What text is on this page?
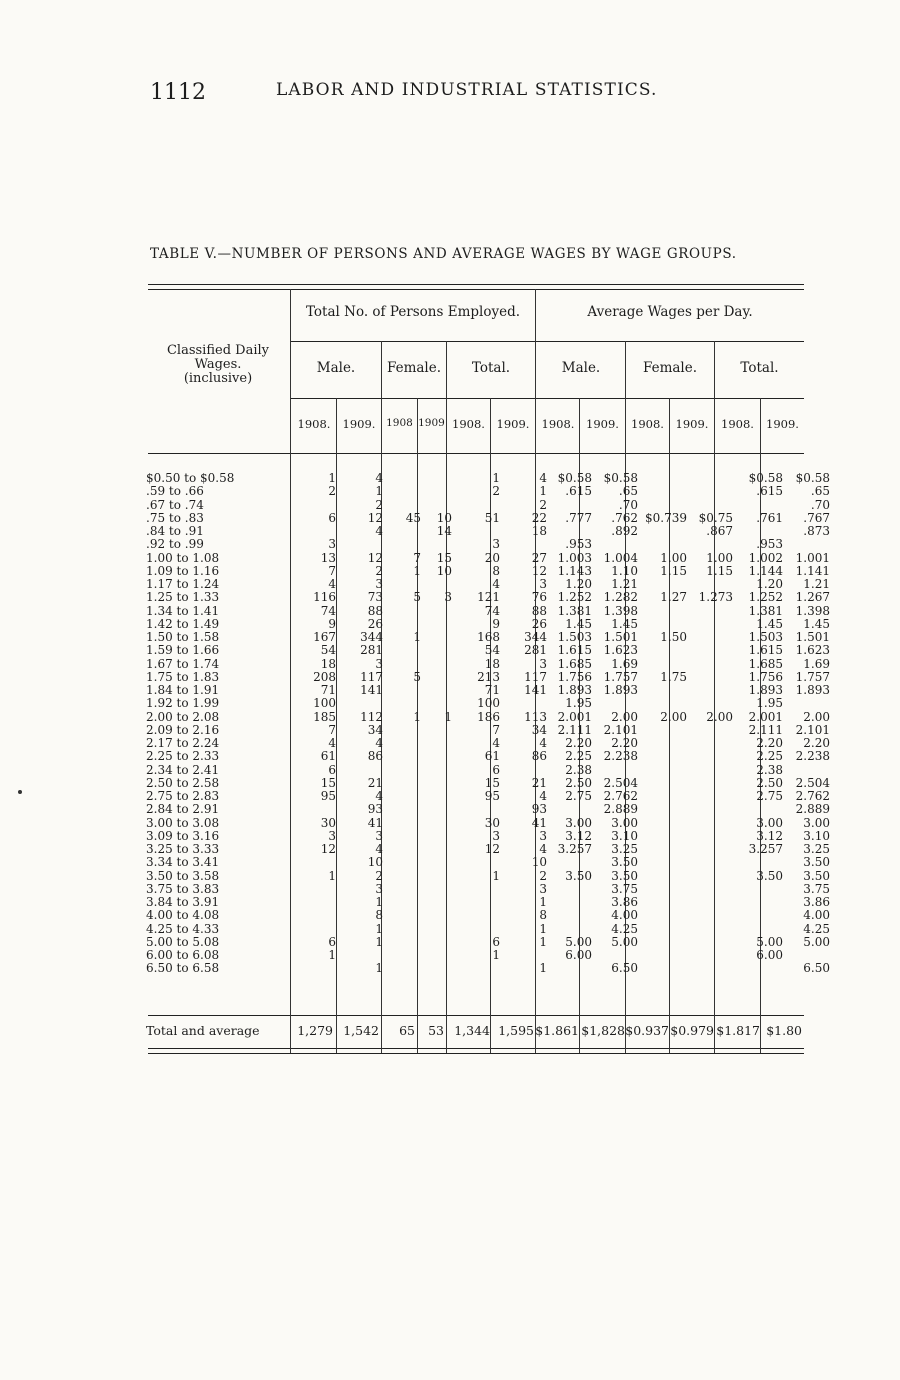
1112	LABOR AND INDUSTRIAL STATISTICS.
TABLE V.—NUMBER OF PERSONS AND AVERAGE WAGES BY WAGE GROUPS.
Classified Daily Wages. (inclusive)
Total No. of Persons Employed.	Average Wages per Day.
Male.	Female.	Total.	Male.	Female.	Total.
1908.	1909.	1908 1909 1908.	1909.	1908.	1909.	1908.	1909.	1908.	1909.
$0.50 to $0.58	1	4			1	4	$0.58	$0.58			$0.58	$0.58
.59 to .66	2	1			2	1	.615	.65			.615	.65
.67 to .74		2				2		.70				.70
.75 to .83	6	12	45	10	51	22	.777	.762	$0.739	$0.75	.761	.767
.84 to .91		4		14		18		.892		.867		.873
.92 to .99	3				3		.953				.953	
1.00 to 1.08	13	12	7	15	20	27	1.003	1.004	1.00	1.00	1.002	1.001
1.09 to 1.16	7	2	1	10	8	12	1.143	1.10	1.15	1.15	1.144	1.141
1.17 to 1.24	4	3			4	3	1.20	1.21			1.20	1.21
1.25 to 1.33	116	73	5	3	121	76	1.252	1.282	1.27	1.273	1.252	1.267
1.34 to 1.41	74	88			74	88	1.381	1.398			1.381	1.398
1.42 to 1.49	9	26			9	26	1.45	1.45			1.45	1.45
1.50 to 1.58	167	344	1		168	344	1.503	1.501	1.50		1.503	1.501
1.59 to 1.66	54	281			54	281	1.615	1.623			1.615	1.623
1.67 to 1.74	18	3			18	3	1.685	1.69			1.685	1.69
1.75 to 1.83	208	117	5		213	117	1.756	1.757	1.75		1.756	1.757
1.84 to 1.91	71	141			71	141	1.893	1.893			1.893	1.893
1.92 to 1.99	100				100		1.95				1.95	
2.00 to 2.08	185	112	1	1	186	113	2.001	2.00	2.00	2.00	2.001	2.00
2.09 to 2.16	7	34			7	34	2.111	2.101			2.111	2.101
2.17 to 2.24	4	4			4	4	2.20	2.20			2.20	2.20
2.25 to 2.33	61	86			61	86	2.25	2.238			2.25	2.238
2.34 to 2.41	6				6		2.38				2.38	
2.50 to 2.58	15	21			15	21	2.50	2.504			2.50	2.504
2.75 to 2.83	95	4			95	4	2.75	2.762			2.75	2.762
2.84 to 2.91		93				93		2.889				2.889
3.00 to 3.08	30	41			30	41	3.00	3.00			3.00	3.00
3.09 to 3.16	3	3			3	3	3.12	3.10			3.12	3.10
3.25 to 3.33	12	4			12	4	3.257	3.25			3.257	3.25
3.34 to 3.41		10				10		3.50				3.50
3.50 to 3.58	1	2			1	2	3.50	3.50			3.50	3.50
3.75 to 3.83		3				3		3.75				3.75
3.84 to 3.91		1				1		3.86				3.86
4.00 to 4.08		8				8		4.00				4.00
4.25 to 4.33		1				1		4.25				4.25
5.00 to 5.08	6	1			6	1	5.00	5.00			5.00	5.00
6.00 to 6.08	1				1		6.00				6.00	
6.50 to 6.58		1				1		6.50				6.50
Total and average	1,279 1,542	65	53 1,344 1,595 $1.861 $1,828 $0.937 $0.979 $1.817 $1.80
